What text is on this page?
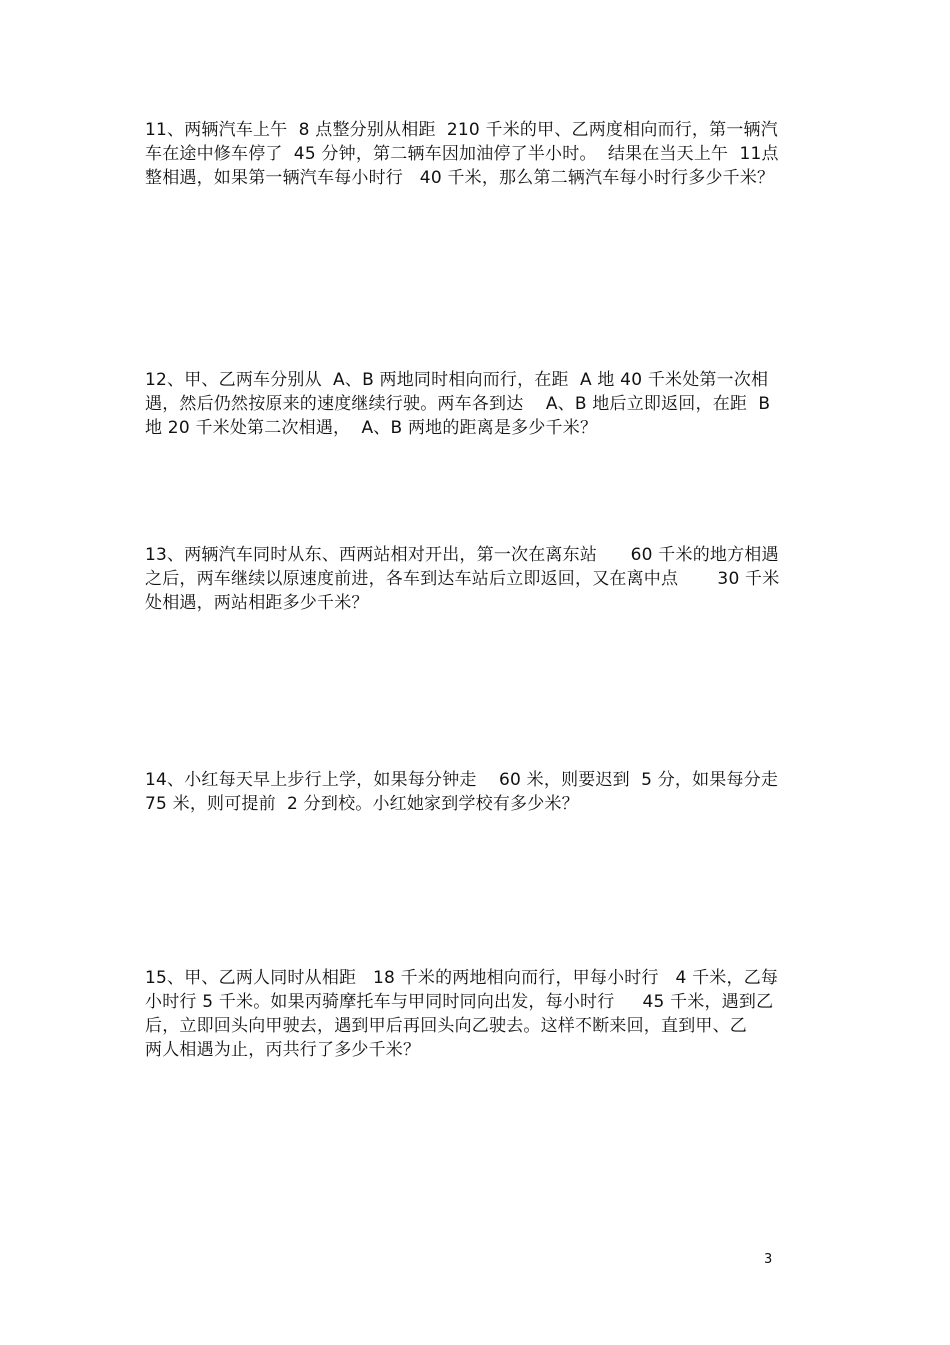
11、两辆汽车上午  8 点整分别从相距  210 千米的甲、乙两度相向而行，第一辆汽
车在途中修车停了  45 分钟，第二辆车因加油停了半小时。  结果在当天上午  11点
整相遇，如果第一辆汽车每小时行   40 千米，那么第二辆汽车每小时行多少千米？
12、甲、乙两车分别从  A、B 两地同时相向而行，在距  A 地 40 千米处第一次相
遇，然后仍然按原来的速度继续行驶。两车各到达    A、B 地后立即返回，在距  B
地 20 千米处第二次相遇，  A、B 两地的距离是多少千米？
13、两辆汽车同时从东、西两站相对开出，第一次在离东站      60 千米的地方相遇
之后，两车继续以原速度前进，各车到达车站后立即返回，又在离中点       30 千米
处相遇，两站相距多少千米？
14、小红每天早上步行上学，如果每分钟走    60 米，则要迟到  5 分，如果每分走
75 米，则可提前  2 分到校。小红她家到学校有多少米？
15、甲、乙两人同时从相距   18 千米的两地相向而行，甲每小时行   4 千米，乙每
小时行 5 千米。如果丙骑摩托车与甲同时同向出发，每小时行     45 千米，遇到乙
后，立即回头向甲驶去，遇到甲后再回头向乙驶去。这样不断来回，直到甲、乙
两人相遇为止，丙共行了多少千米？
3
